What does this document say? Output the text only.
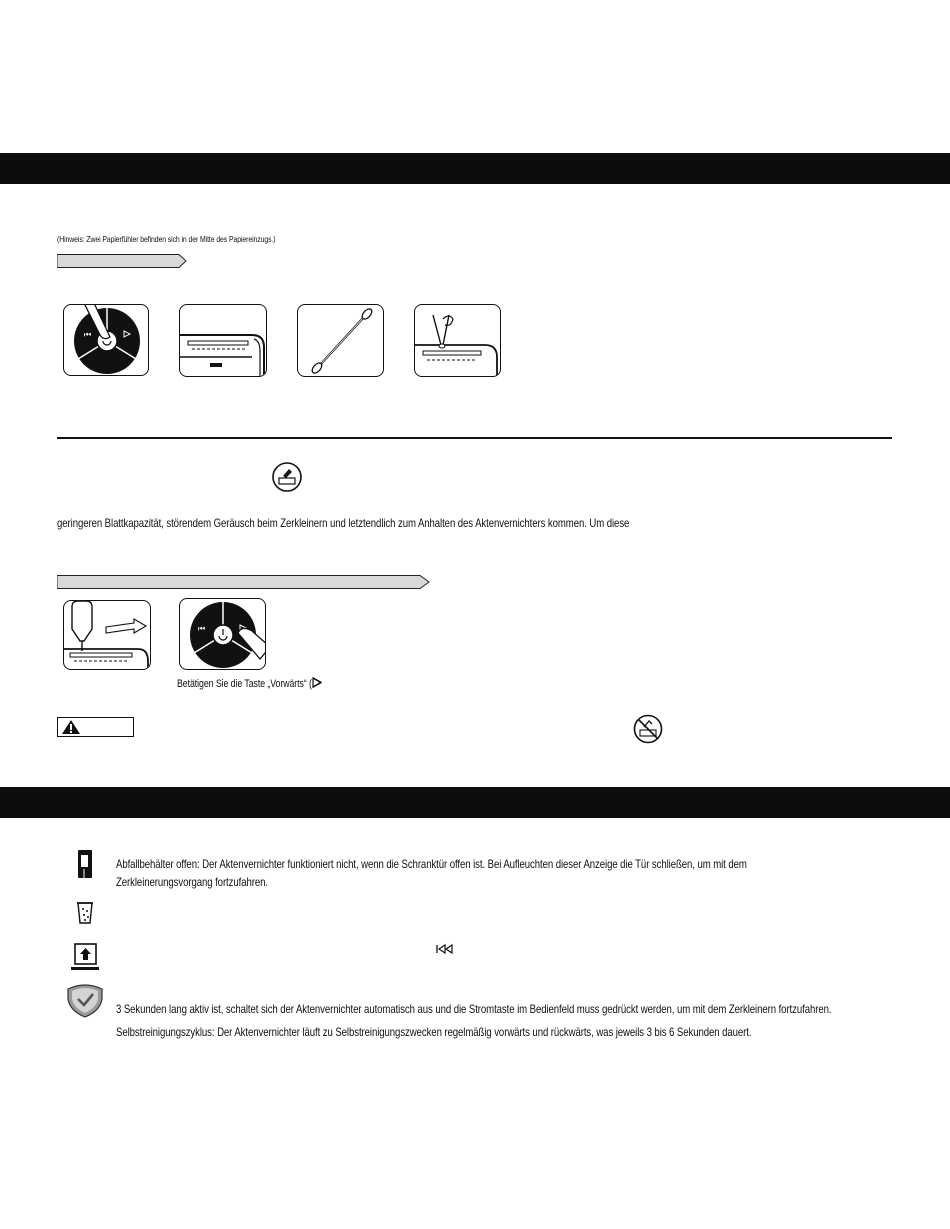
(Hinweis: Zwei Papierfühler befinden sich in der Mitte des Papiereinzugs.)
⏮
geringeren Blattkapazität, störendem Geräusch beim Zerkleinern und letztendlich zum Anhalten des Aktenvernichters kommen. Um diese
⏮
Betätigen Sie die Taste „Vorwärts“ (
Abfallbehälter offen: Der Aktenvernichter funktioniert nicht, wenn die Schranktür offen ist. Bei Aufleuchten dieser Anzeige die Tür schließen, um mit dem
Zerkleinerungsvorgang fortzufahren.
3 Sekunden lang aktiv ist, schaltet sich der Aktenvernichter automatisch aus und die Stromtaste im Bedienfeld muss gedrückt werden, um mit dem Zerkleinern fortzufahren.
Selbstreinigungszyklus: Der Aktenvernichter läuft zu Selbstreinigungszwecken regelmäßig vorwärts und rückwärts, was jeweils 3 bis 6 Sekunden dauert.
